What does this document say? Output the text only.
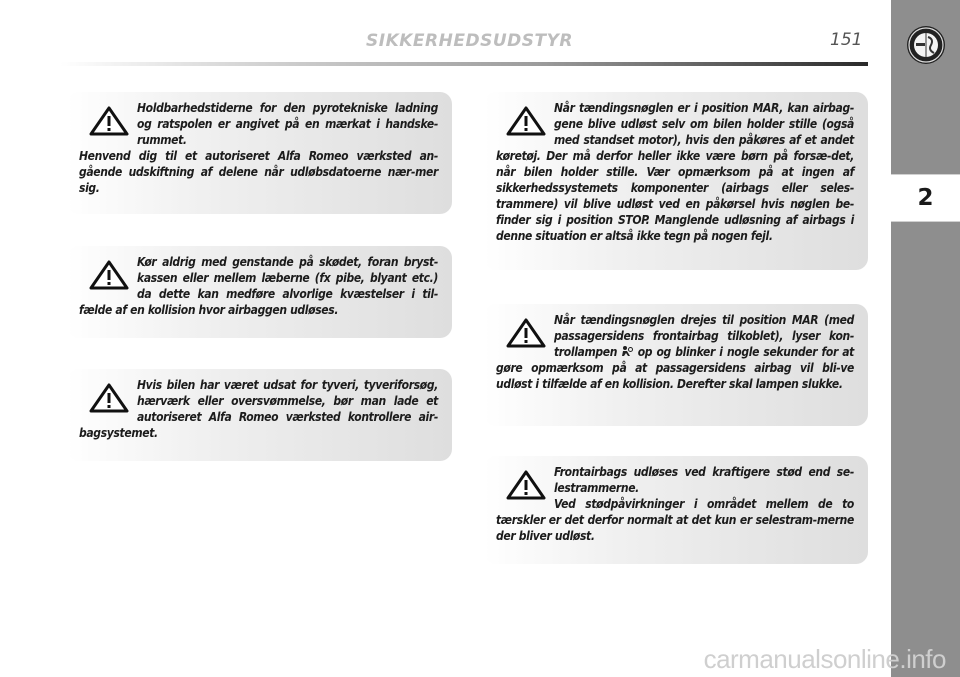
SIKKERHEDSUDSTYR	151
2

Holdbarhedstiderne for den pyrotekniske ladning og ratspolen er angivet på en mærkat i handske-rummet.

Henvend dig til et autoriseret Alfa Romeo værksted an-gående udskiftning af delene når udløbsdatoerne nær-mer sig.

Kør aldrig med genstande på skødet, foran bryst-kassen eller mellem læberne (fx pibe, blyant etc.) da dette kan medføre alvorlige kvæstelser i til-fælde af en kollision hvor airbaggen udløses.

Hvis bilen har været udsat for tyveri, tyveriforsøg, hærværk eller oversvømmelse, bør man lade et autoriseret Alfa Romeo værksted kontrollere air-bagsystemet.

Når tændingsnøglen er i position MAR, kan airbag-gene blive udløst selv om bilen holder stille (også med standset motor), hvis den påkøres af et andet køretøj. Der må derfor heller ikke være børn på forsæ-det, når bilen holder stille. Vær opmærksom på at ingen af sikkerhedssystemets komponenter (airbags eller seles-trammere) vil blive udløst ved en påkørsel hvis nøglen be-finder sig i position STOP. Manglende udløsning af airbags i denne situation er altså ikke tegn på nogen fejl.

Når tændingsnøglen drejes til position MAR (med passagersidens frontairbag tilkoblet), lyser kon-trollampen op og blinker i nogle sekunder for at gøre opmærksom på at passagersidens airbag vil bli-ve udløst i tilfælde af en kollision. Derefter skal lampen slukke.

Frontairbags udløses ved kraftigere stød end se-lestrammerne.

Ved stødpåvirkninger i området mellem de to tærskler er det derfor normalt at det kun er selestram-merne der bliver udløst.

carmanualsonline.info
